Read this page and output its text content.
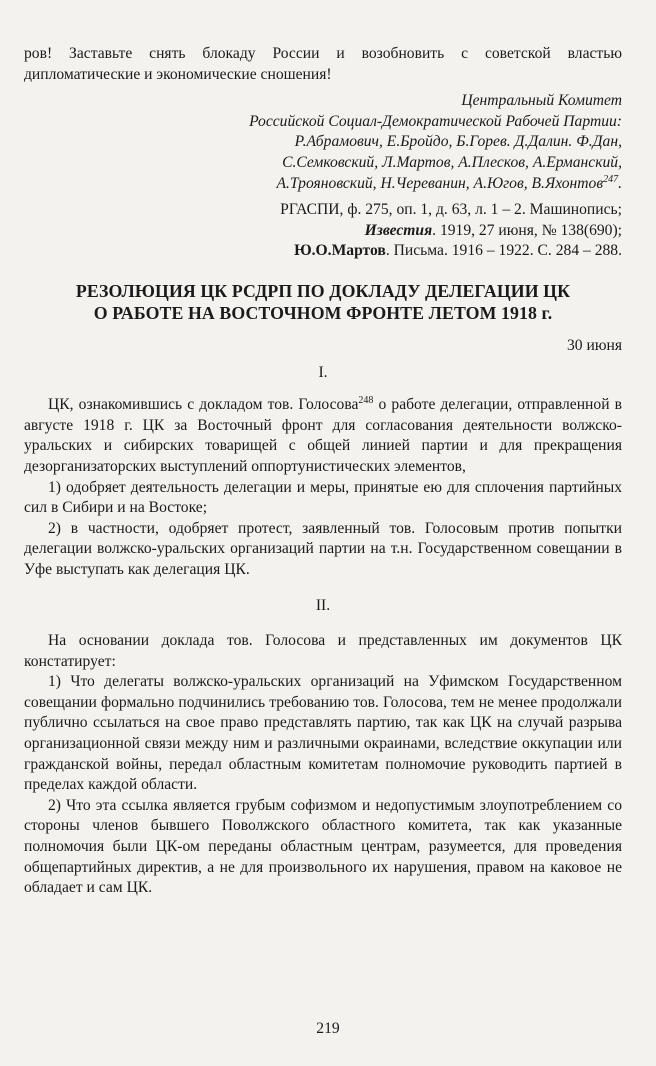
ров! Заставьте снять блокаду России и возобновить с советской властью дипломатические и экономические сношения!

Центральный Комитет

Российской Социал-Демократической Рабочей Партии:

Р.Абрамович, Е.Бройдо, Б.Горев. Д.Далин. Ф.Дан,

С.Семковский, Л.Мартов, А.Плесков, А.Ерманский,

А.Трояновский, Н.Череванин, А.Югов, В.Яхонтов$^{247}$.

РГАСПИ, ф. 275, оп. 1, д. 63, л. 1 – 2. Машинопись;

Известия. 1919, 27 июня, № 138(690);

Ю.О.Мартов. Письма. 1916 – 1922. С. 284 – 288.

РЕЗОЛЮЦИЯ ЦК РСДРП ПО ДОКЛАДУ ДЕЛЕГАЦИИ ЦК
О РАБОТЕ НА ВОСТОЧНОМ ФРОНТЕ ЛЕТОМ 1918 г.

30 июня

I.

ЦК, ознакомившись с докладом тов. Голосова$^{248}$ о работе делегации, отправленной в августе 1918 г. ЦК за Восточный фронт для согласования деятельности волжско-уральских и сибирских товарищей с общей линией партии и для прекращения дезорганизаторских выступлений оппортунистических элементов,

1) одобряет деятельность делегации и меры, принятые ею для сплочения партийных сил в Сибири и на Востоке;

2) в частности, одобряет протест, заявленный тов. Голосовым против попытки делегации волжско-уральских организаций партии на т.н. Государственном совещании в Уфе выступать как делегация ЦК.

II.

На основании доклада тов. Голосова и представленных им документов ЦК констатирует:

1) Что делегаты волжско-уральских организаций на Уфимском Государственном совещании формально подчинились требованию тов. Голосова, тем не менее продолжали публично ссылаться на свое право представлять партию, так как ЦК на случай разрыва организационной связи между ним и различными окраинами, вследствие оккупации или гражданской войны, передал областным комитетам полномочие руководить партией в пределах каждой области.

2) Что эта ссылка является грубым софизмом и недопустимым злоупотреблением со стороны членов бывшего Поволжского областного комитета, так как указанные полномочия были ЦК-ом переданы областным центрам, разумеется, для проведения общепартийных директив, а не для произвольного их нарушения, правом на каковое не обладает и сам ЦК.

219
